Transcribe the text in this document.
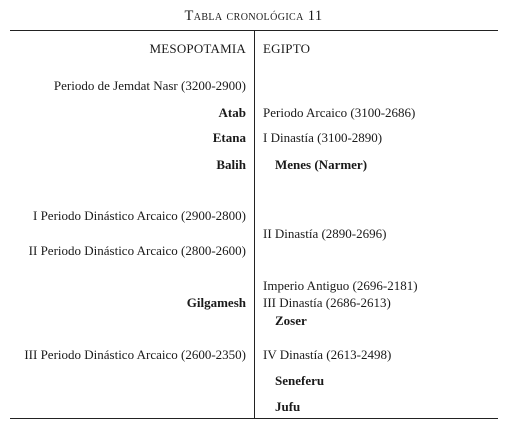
Tabla cronológica 11
MESOPOTAMIA EGIPTO
Periodo de Jemdat Nasr (3200-2900)
Atab
Etana
Balih
I Periodo Dinástico Arcaico (2900-2800)
II Periodo Dinástico Arcaico (2800-2600)
Gilgamesh
III Periodo Dinástico Arcaico (2600-2350)
Periodo Arcaico (3100-2686)
I Dinastía (3100-2890)
Menes (Narmer)
II Dinastía (2890-2696)
Imperio Antiguo (2696-2181)
III Dinastía (2686-2613)
Zoser
IV Dinastía (2613-2498)
Seneferu
Jufu
